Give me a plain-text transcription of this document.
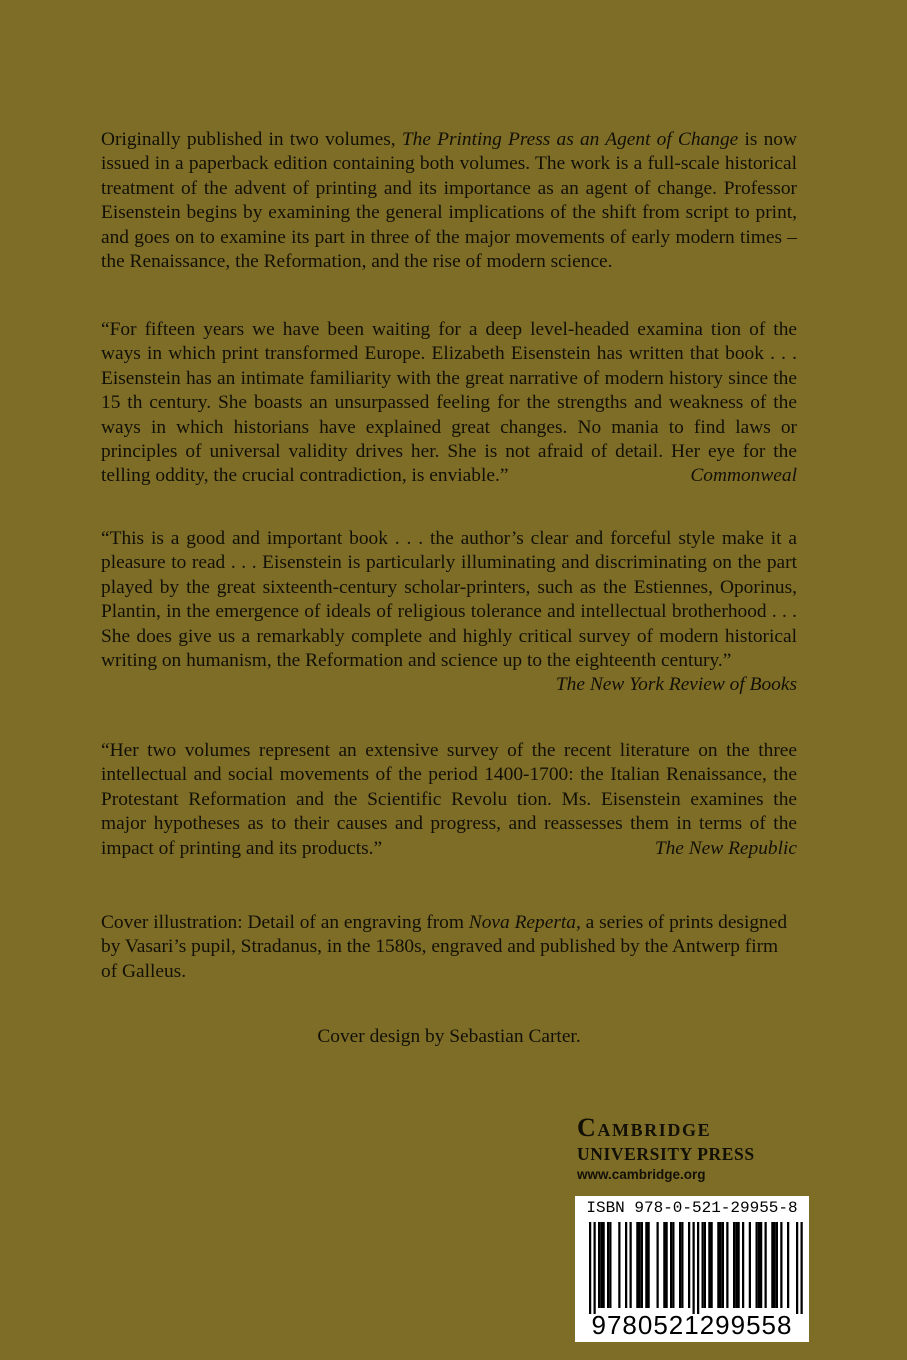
Originally published in two volumes, The Printing Press as an Agent of Change is now issued in a paperback edition containing both volumes. The work is a full-scale historical treatment of the advent of printing and its importance as an agent of change. Professor Eisenstein begins by examining the general implications of the shift from script to print, and goes on to examine its part in three of the major movements of early modern times – the Renaissance, the Reformation, and the rise of modern science.

“For fifteen years we have been waiting for a deep level-headed examina tion of the ways in which print transformed Europe. Elizabeth Eisenstein has written that book . . . Eisenstein has an intimate familiarity with the great narrative of modern history since the 15 th century. She boasts an unsurpassed feeling for the strengths and weakness of the ways in which historians have explained great changes. No mania to find laws or principles of universal validity drives her. She is not afraid of detail. Her eye for the telling oddity, the crucial contradiction, is enviable.”	Commonweal

“This is a good and important book . . . the author’s clear and forceful style make it a pleasure to read . . . Eisenstein is particularly illuminating and discriminating on the part played by the great sixteenth-century scholar-printers, such as the Estiennes, Oporinus, Plantin, in the emergence of ideals of religious tolerance and intellectual brotherhood . . . She does give us a remarkably complete and highly critical survey of modern historical writing on humanism, the Reformation and science up to the eighteenth century.”
The New York Review of Books

“Her two volumes represent an extensive survey of the recent literature on the three intellectual and social movements of the period 1400-1700: the Italian Renaissance, the Protestant Reformation and the Scientific Revolu tion. Ms. Eisenstein examines the major hypotheses as to their causes and progress, and reassesses them in terms of the impact of printing and its products.”	The New Republic

Cover illustration: Detail of an engraving from Nova Reperta, a series of prints designed by Vasari’s pupil, Stradanus, in the 1580s, engraved and published by the Antwerp firm of Galleus.

Cover design by Sebastian Carter.

Cambridge

UNIVERSITY PRESS

www.cambridge.org

ISBN 978-0-521-29955-8
9780521299558
